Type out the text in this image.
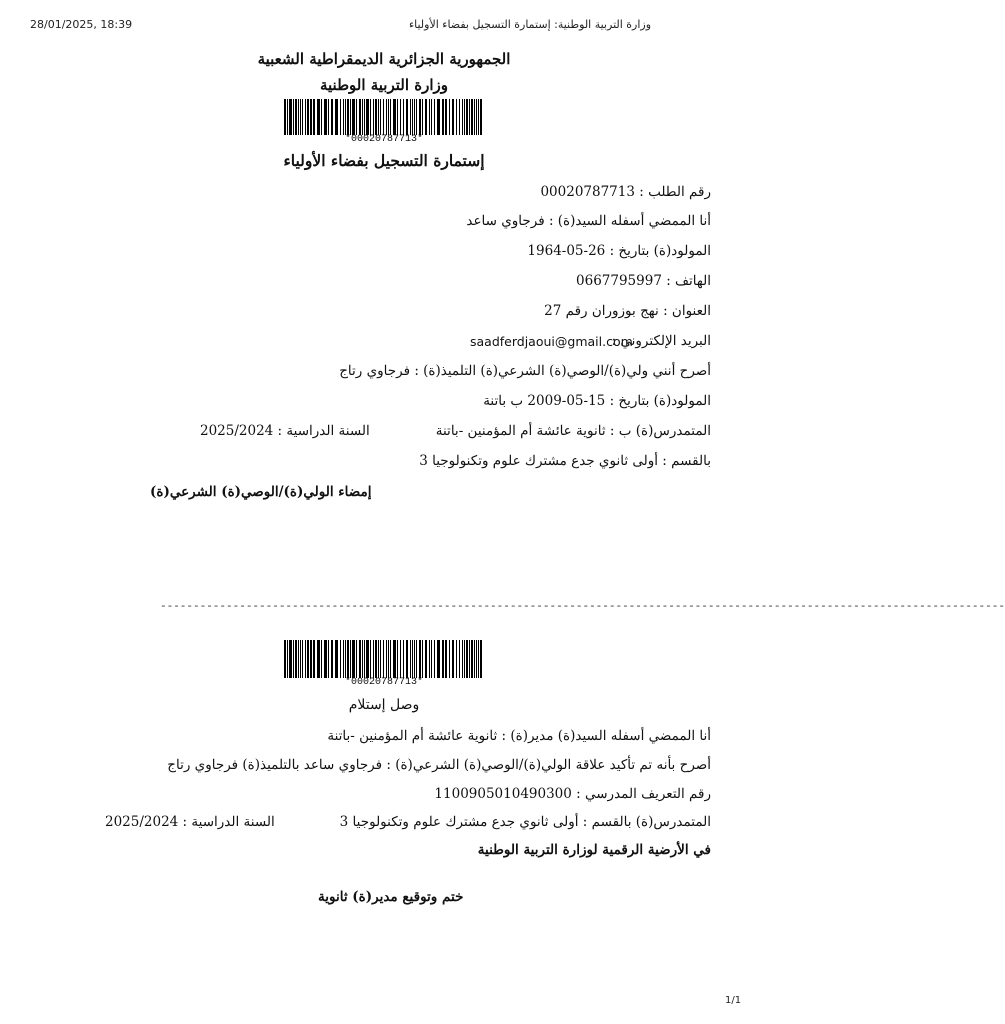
28/01/2025, 18:39	وزارة التربية الوطنية: إستمارة التسجيل بفضاء الأولياء
الجمهورية الجزائرية الديمقراطية الشعبية
وزارة التربية الوطنية
*00020787713*
إستمارة التسجيل بفضاء الأولياء
رقم الطلب : 00020787713
أنا الممضي أسفله السيد(ة) : فرجاوي ساعد
المولود(ة) بتاريخ : 26-05-1964
الهاتف : 0667795997
العنوان : نهج بوزوران رقم 27
البريد الإلكتروني :
saadferdjaoui@gmail.com
أصرح أنني ولي(ة)/الوصي(ة) الشرعي(ة) التلميذ(ة) : فرجاوي رتاج
المولود(ة) بتاريخ : 15-05-2009 ب باتنة
المتمدرس(ة) ب : ثانوية عائشة أم المؤمنين -باتنة
السنة الدراسية : 2025/2024
بالقسم : أولى ثانوي جدع مشترك علوم وتكنولوجيا 3
إمضاء الولي(ة)/الوصي(ة) الشرعي(ة)
--------------------------------------------------------------------------------------------------------------------------------
*00020787713*
وصل إستلام
أنا الممضي أسفله السيد(ة) مدير(ة) : ثانوية عائشة أم المؤمنين -باتنة
أصرح بأنه تم تأكيد علاقة الولي(ة)/الوصي(ة) الشرعي(ة) : فرجاوي ساعد بالتلميذ(ة) فرجاوي رتاج
رقم التعريف المدرسي : 1100905010490300
المتمدرس(ة) بالقسم : أولى ثانوي جدع مشترك علوم وتكنولوجيا 3
السنة الدراسية : 2025/2024
في الأرضية الرقمية لوزارة التربية الوطنية
ختم وتوقيع مدير(ة) ثانوية
1/1
